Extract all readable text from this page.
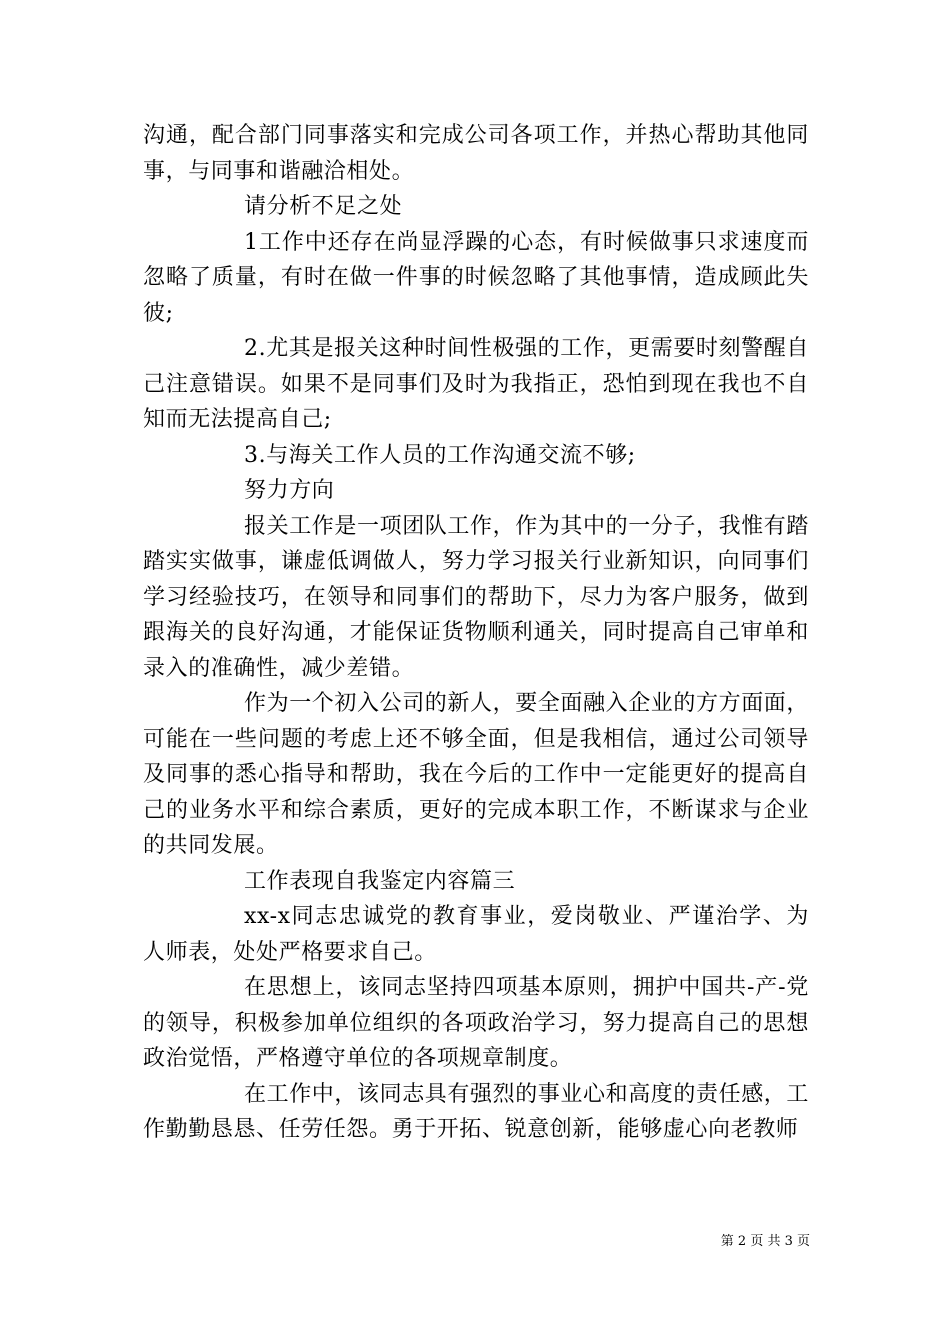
沟通，配合部门同事落实和完成公司各项工作，并热心帮助其他同事，与同事和谐融洽相处。

请分析不足之处

1工作中还存在尚显浮躁的心态，有时候做事只求速度而忽略了质量，有时在做一件事的时候忽略了其他事情，造成顾此失彼;

2.尤其是报关这种时间性极强的工作，更需要时刻警醒自己注意错误。如果不是同事们及时为我指正，恐怕到现在我也不自知而无法提高自己;

3.与海关工作人员的工作沟通交流不够;

努力方向

报关工作是一项团队工作，作为其中的一分子，我惟有踏踏实实做事，谦虚低调做人，努力学习报关行业新知识，向同事们学习经验技巧，在领导和同事们的帮助下，尽力为客户服务，做到跟海关的良好沟通，才能保证货物顺利通关，同时提高自己审单和录入的准确性，减少差错。

作为一个初入公司的新人，要全面融入企业的方方面面，可能在一些问题的考虑上还不够全面，但是我相信，通过公司领导及同事的悉心指导和帮助，我在今后的工作中一定能更好的提高自己的业务水平和综合素质，更好的完成本职工作，不断谋求与企业的共同发展。

工作表现自我鉴定内容篇三

xx-x同志忠诚党的教育事业，爱岗敬业、严谨治学、为人师表，处处严格要求自己。

在思想上，该同志坚持四项基本原则，拥护中国共-产-党的领导，积极参加单位组织的各项政治学习，努力提高自己的思想政治觉悟，严格遵守单位的各项规章制度。

在工作中，该同志具有强烈的事业心和高度的责任感，工作勤勤恳恳、任劳任怨。勇于开拓、锐意创新，能够虚心向老教师

第 2 页 共 3 页
